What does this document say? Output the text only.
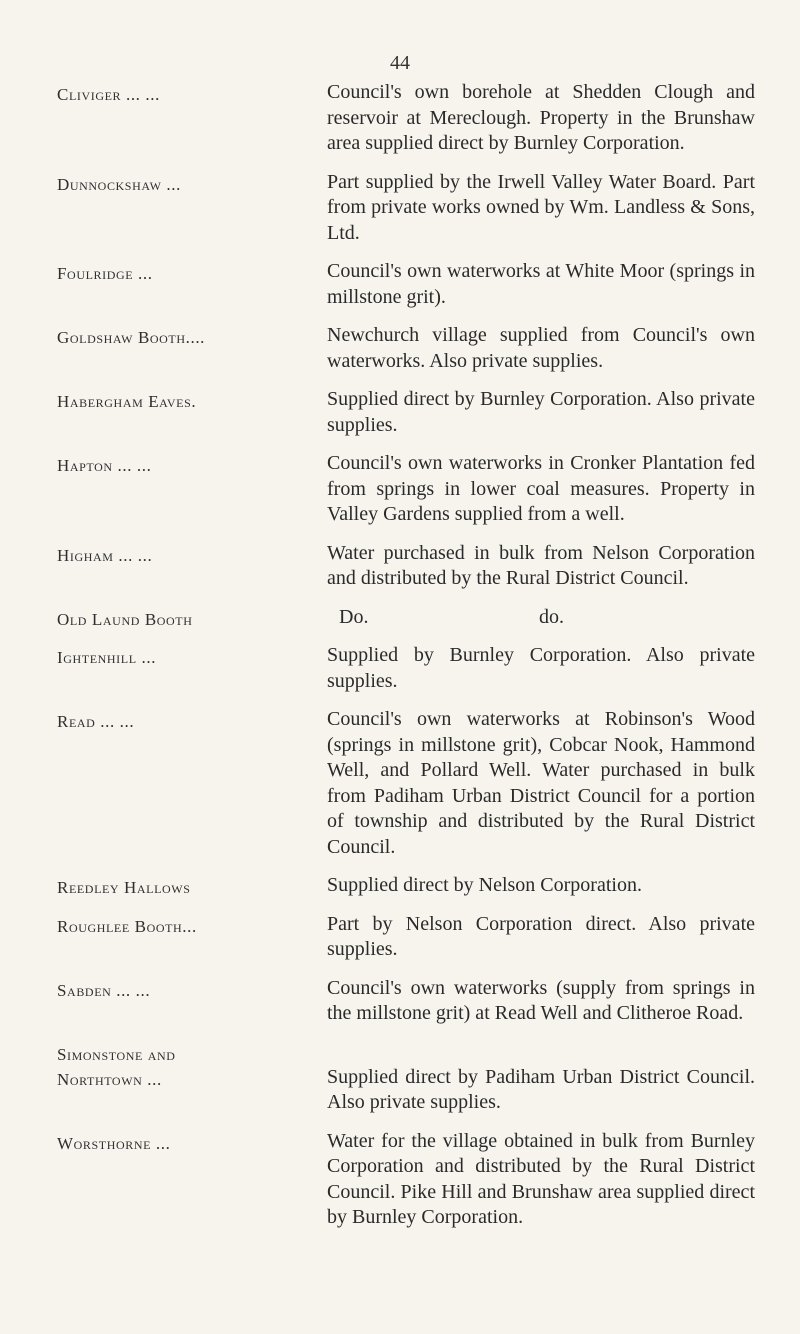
44
Cliviger ... ...	Council's own borehole at Shedden Clough and reservoir at Mereclough. Property in the Brunshaw area supplied direct by Burnley Corporation.
Dunnockshaw ...	Part supplied by the Irwell Valley Water Board. Part from private works owned by Wm. Landless & Sons, Ltd.
Foulridge ...	Council's own waterworks at White Moor (springs in millstone grit).
Goldshaw Booth....	Newchurch village supplied from Council's own waterworks. Also private supplies.
Habergham Eaves.	Supplied direct by Burnley Corporation. Also private supplies.
Hapton ... ...	Council's own waterworks in Cronker Plantation fed from springs in lower coal measures. Property in Valley Gardens supplied from a well.
Higham ... ...	Water purchased in bulk from Nelson Corporation and distributed by the Rural District Council.
Old Laund Booth	Do.	do.
Ightenhill ...	Supplied by Burnley Corporation. Also private supplies.
Read ... ...	Council's own waterworks at Robinson's Wood (springs in millstone grit), Cobcar Nook, Hammond Well, and Pollard Well. Water purchased in bulk from Padiham Urban District Council for a portion of township and distributed by the Rural District Council.
Reedley Hallows	Supplied direct by Nelson Corporation.
Roughlee Booth...	Part by Nelson Corporation direct. Also private supplies.
Sabden ... ...	Council's own waterworks (supply from springs in the millstone grit) at Read Well and Clitheroe Road.
Simonstone and
Northtown ...	Supplied direct by Padiham Urban District Council. Also private supplies.
Worsthorne ...	Water for the village obtained in bulk from Burnley Corporation and distributed by the Rural District Council. Pike Hill and Brunshaw area supplied direct by Burnley Corporation.
